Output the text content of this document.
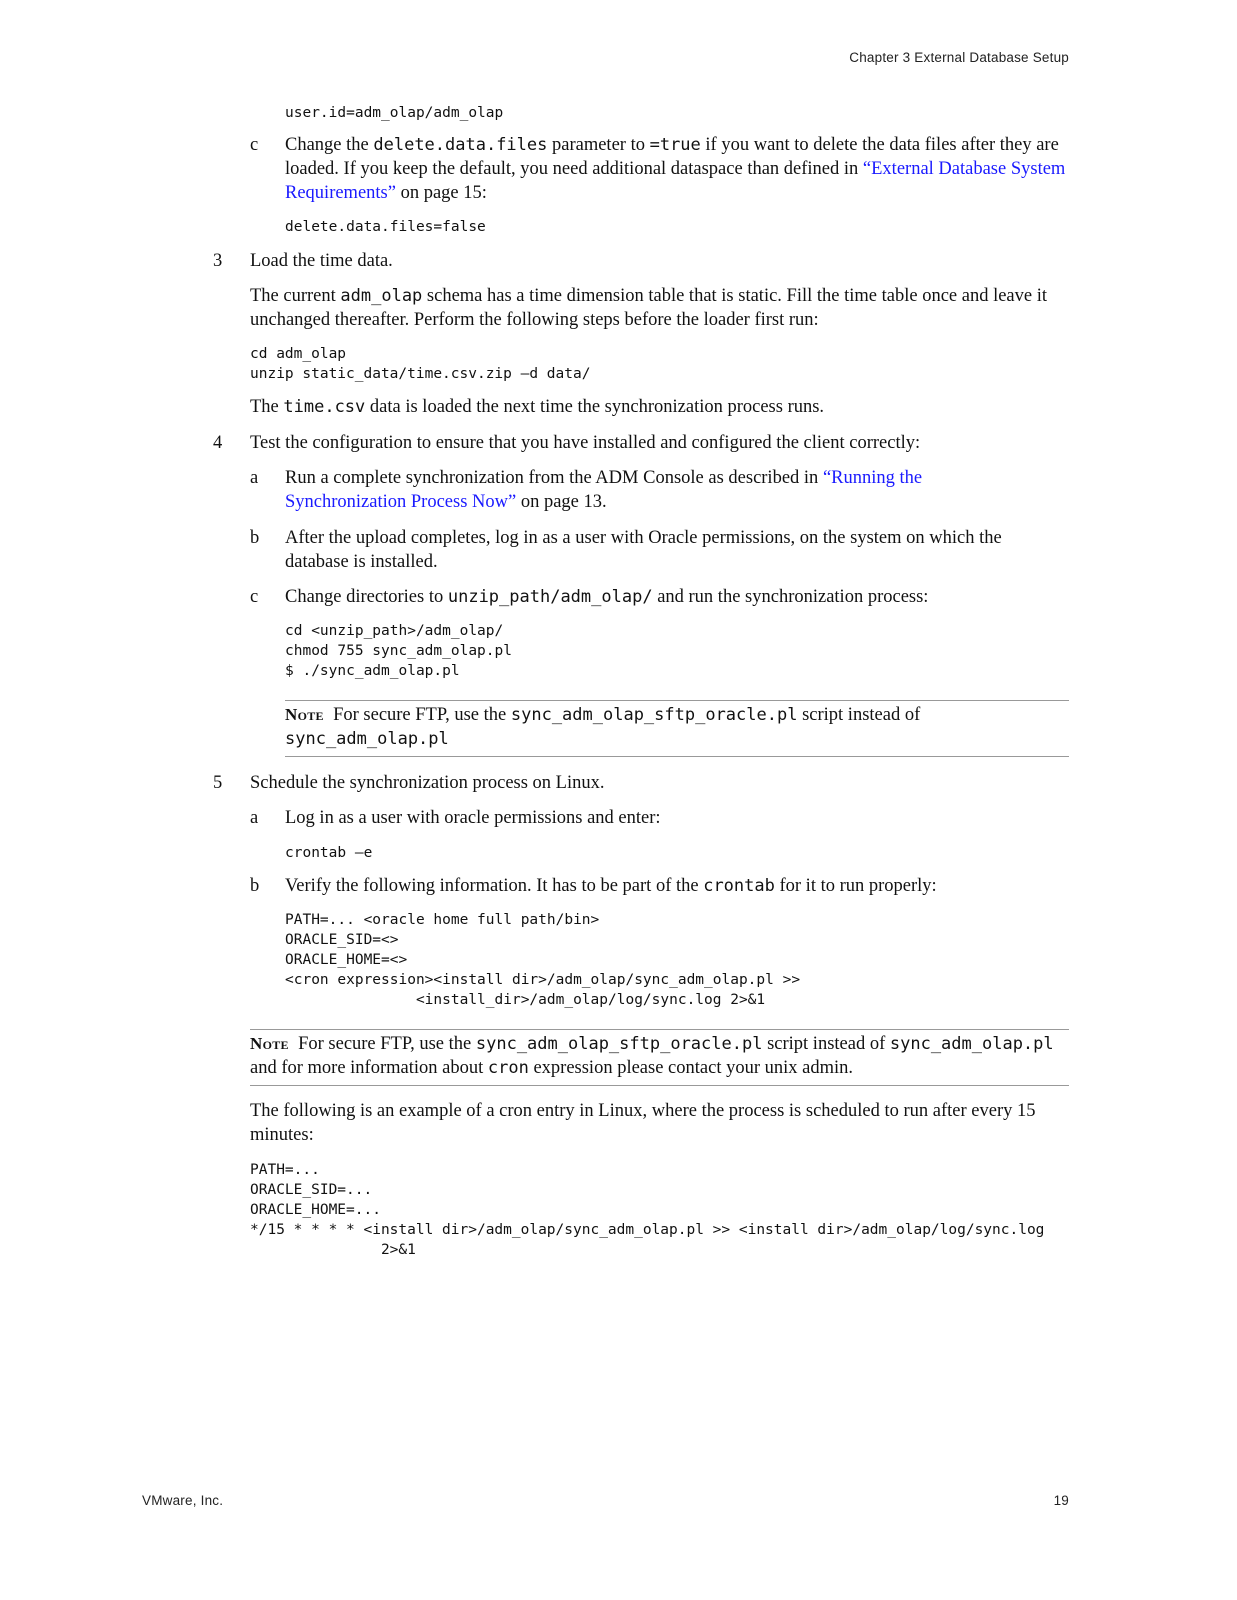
Chapter 3 External Database Setup
user.id=adm_olap/adm_olap
c Change the delete.data.files parameter to =true if you want to delete the data files after they are loaded. If you keep the default, you need additional dataspace than defined in “External Database System Requirements” on page 15:
delete.data.files=false
3 Load the time data.
The current adm_olap schema has a time dimension table that is static. Fill the time table once and leave it unchanged thereafter. Perform the following steps before the loader first run:
cd adm_olap
unzip static_data/time.csv.zip –d data/
The time.csv data is loaded the next time the synchronization process runs.
4 Test the configuration to ensure that you have installed and configured the client correctly:
a Run a complete synchronization from the ADM Console as described in “Running the Synchronization Process Now” on page 13.
b After the upload completes, log in as a user with Oracle permissions, on the system on which the database is installed.
c Change directories to unzip_path/adm_olap/ and run the synchronization process:
cd <unzip_path>/adm_olap/
chmod 755 sync_adm_olap.pl
$ ./sync_adm_olap.pl
Note For secure FTP, use the sync_adm_olap_sftp_oracle.pl script instead of
sync_adm_olap.pl
5 Schedule the synchronization process on Linux.
a Log in as a user with oracle permissions and enter:
crontab –e
b Verify the following information. It has to be part of the crontab for it to run properly:
PATH=... <oracle home full path/bin>
ORACLE_SID=<>
ORACLE_HOME=<>
<cron expression><install dir>/adm_olap/sync_adm_olap.pl >>
<install_dir>/adm_olap/log/sync.log 2>&1
Note For secure FTP, use the sync_adm_olap_sftp_oracle.pl script instead of sync_adm_olap.pl and for more information about cron expression please contact your unix admin.
The following is an example of a cron entry in Linux, where the process is scheduled to run after every 15 minutes:
PATH=...
ORACLE_SID=...
ORACLE_HOME=...
*/15 * * * * <install dir>/adm_olap/sync_adm_olap.pl >> <install dir>/adm_olap/log/sync.log
2>&1
VMware, Inc.	19
